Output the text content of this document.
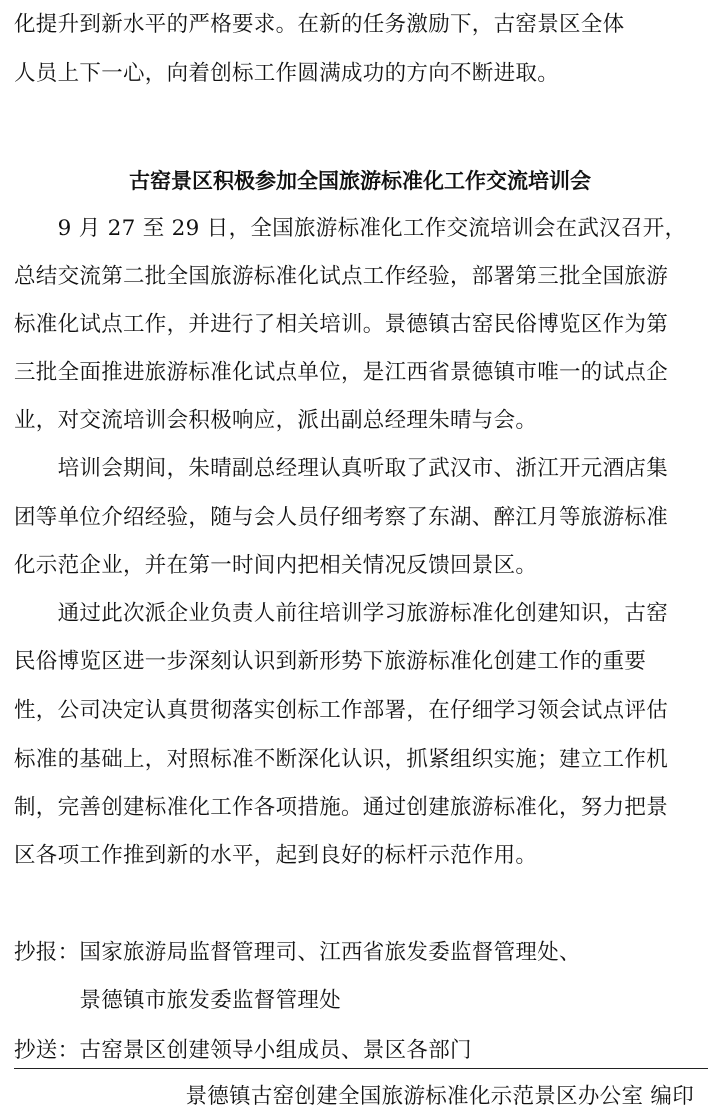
化提升到新水平的严格要求。在新的任务激励下，古窑景区全体
人员上下一心，向着创标工作圆满成功的方向不断进取。
古窑景区积极参加全国旅游标准化工作交流培训会
　　9 月 27 至 29 日，全国旅游标准化工作交流培训会在武汉召开，
总结交流第二批全国旅游标准化试点工作经验，部署第三批全国旅游
标准化试点工作，并进行了相关培训。景德镇古窑民俗博览区作为第
三批全面推进旅游标准化试点单位，是江西省景德镇市唯一的试点企
业，对交流培训会积极响应，派出副总经理朱晴与会。
　　培训会期间，朱晴副总经理认真听取了武汉市、浙江开元酒店集
团等单位介绍经验，随与会人员仔细考察了东湖、醉江月等旅游标准
化示范企业，并在第一时间内把相关情况反馈回景区。
　　通过此次派企业负责人前往培训学习旅游标准化创建知识，古窑
民俗博览区进一步深刻认识到新形势下旅游标准化创建工作的重要
性，公司决定认真贯彻落实创标工作部署，在仔细学习领会试点评估
标准的基础上，对照标准不断深化认识，抓紧组织实施；建立工作机
制，完善创建标准化工作各项措施。通过创建旅游标准化，努力把景
区各项工作推到新的水平，起到良好的标杆示范作用。
抄报：国家旅游局监督管理司、江西省旅发委监督管理处、
　　　景德镇市旅发委监督管理处
抄送：古窑景区创建领导小组成员、景区各部门
景德镇古窑创建全国旅游标准化示范景区办公室 编印
